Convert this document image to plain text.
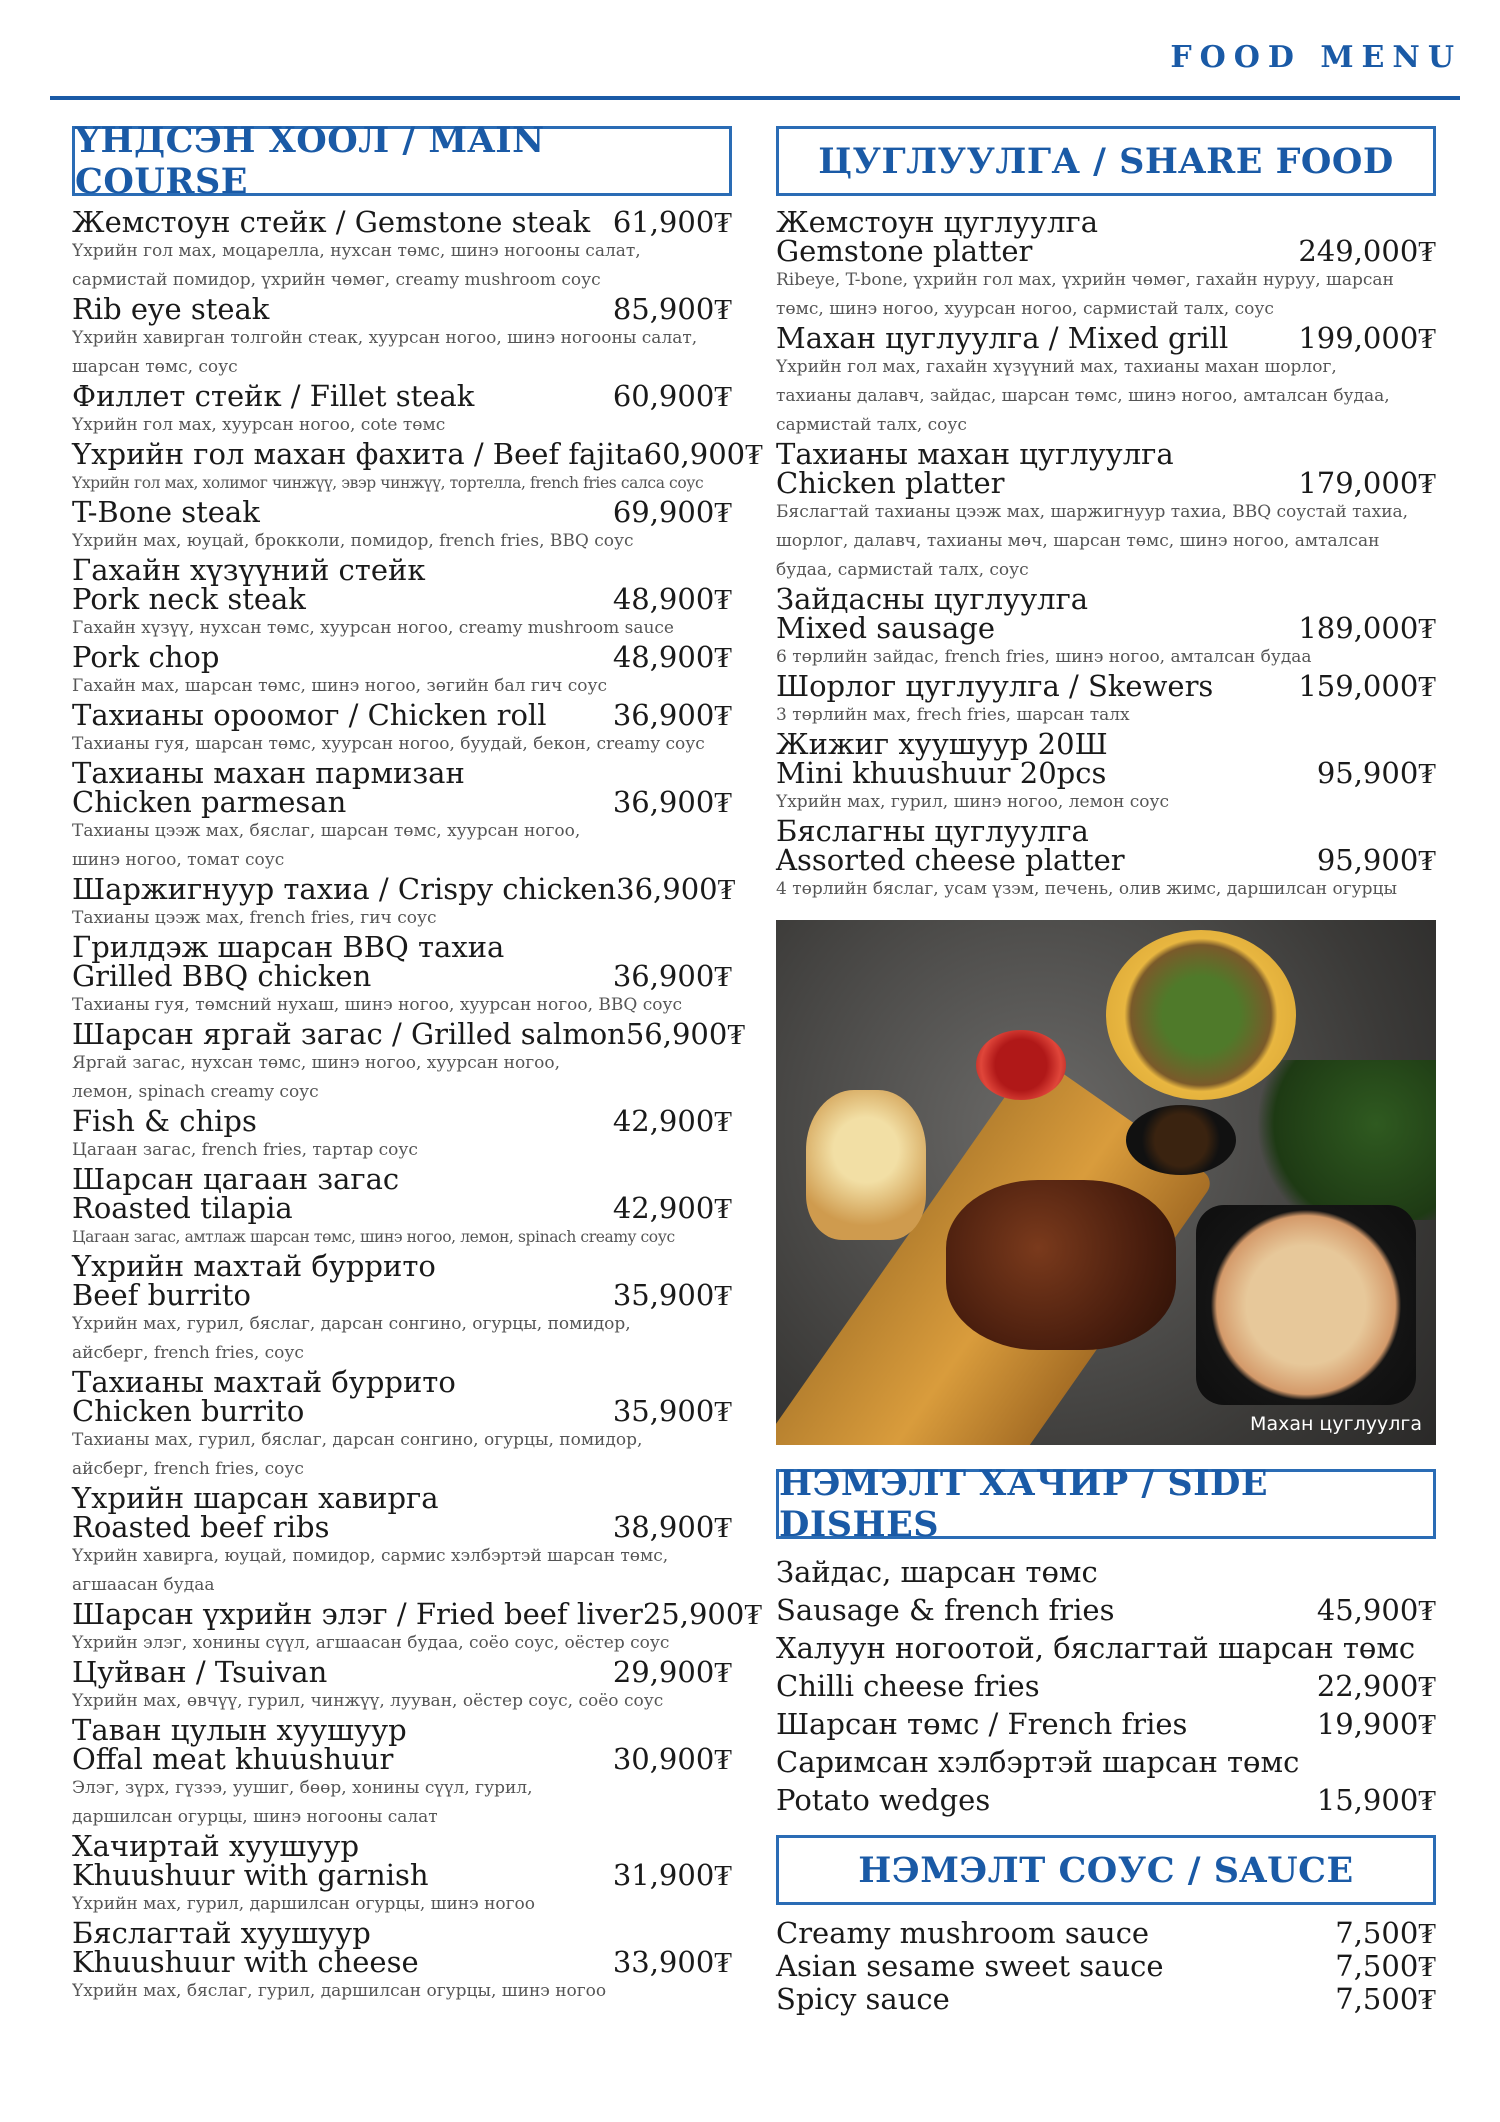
FOOD MENU
ҮНДСЭН ХООЛ / MAIN COURSE
Жемстоун стейк / Gemstone steak 61,900₮
Үхрийн гол мах, моцарелла, нухсан төмс, шинэ ногооны салат,
сармистай помидор, үхрийн чөмөг, creamy mushroom соус
Rib eye steak	85,900₮
Үхрийн хавирган толгойн стеак, хуурсан ногоо, шинэ ногооны салат,
шарсан төмс, соус
Филлет стейк / Fillet steak	60,900₮
Үхрийн гол мах, хуурсан ногоо, cote төмс
Үхрийн гол махан фахита / Beef fajita 60,900₮
Үхрийн гол мах, холимог чинжүү, эвэр чинжүү, тортелла, french fries салса соус
T-Bone steak	69,900₮
Үхрийн мах, юуцай, брокколи, помидор, french fries, BBQ соус
Гахайн хүзүүний стейк
Pork neck steak	48,900₮
Гахайн хүзүү, нухсан төмс, хуурсан ногоо, creamy mushroom sauce
Pork chop	48,900₮
Гахайн мах, шарсан төмс, шинэ ногоо, зөгийн бал гич соус
Тахианы ороомог / Chicken roll 36,900₮
Тахианы гуя, шарсан төмс, хуурсан ногоо, буудай, бекон, creamy соус
Тахианы махан пармизан
Chicken parmesan	36,900₮
Тахианы цээж мах, бяслаг, шарсан төмс, хуурсан ногоо,
шинэ ногоо, томат соус
Шаржигнуур тахиа / Crispy chicken 36,900₮
Тахианы цээж мах, french fries, гич соус
Грилдэж шарсан BBQ тахиа
Grilled BBQ chicken	36,900₮
Тахианы гуя, төмсний нухаш, шинэ ногоо, хуурсан ногоо, BBQ соус
Шарсан яргай загас / Grilled salmon 56,900₮
Яргай загас, нухсан төмс, шинэ ногоо, хуурсан ногоо,
лемон, spinach creamy соус
Fish & chips	42,900₮
Цагаан загас, french fries, тартар соус
Шарсан цагаан загас
Roasted tilapia	42,900₮
Цагаан загас, амтлаж шарсан төмс, шинэ ногоо, лемон, spinach creamy соус
Үхрийн махтай буррито
Beef burrito	35,900₮
Үхрийн мах, гурил, бяслаг, дарсан сонгино, огурцы, помидор,
айсберг, french fries, соус
Тахианы махтай буррито
Chicken burrito	35,900₮
Тахианы мах, гурил, бяслаг, дарсан сонгино, огурцы, помидор,
айсберг, french fries, соус
Үхрийн шарсан хавирга
Roasted beef ribs	38,900₮
Үхрийн хавирга, юуцай, помидор, сармис хэлбэртэй шарсан төмс,
агшаасан будаа
Шарсан үхрийн элэг / Fried beef liver 25,900₮
Үхрийн элэг, хонины сүүл, агшаасан будаа, соёо соус, оёстер соус
Цуйван / Tsuivan	29,900₮
Үхрийн мах, өвчүү, гурил, чинжүү, лууван, оёстер соус, соёо соус
Таван цулын хуушуур
Offal meat khuushuur	30,900₮
Элэг, зүрх, гүзээ, уушиг, бөөр, хонины сүүл, гурил,
даршилсан огурцы, шинэ ногооны салат
Хачиртай хуушуур
Khuushuur with garnish	31,900₮
Үхрийн мах, гурил, даршилсан огурцы, шинэ ногоо
Бяслагтай хуушуур
Khuushuur with cheese	33,900₮
Үхрийн мах, бяслаг, гурил, даршилсан огурцы, шинэ ногоо
ЦУГЛУУЛГА / SHARE FOOD
Жемстоун цуглуулга
Gemstone platter	249,000₮
Ribeye, T-bone, үхрийн гол мах, үхрийн чөмөг, гахайн нуруу, шарсан
төмс, шинэ ногоо, хуурсан ногоо, сармистай талх, соус
Махан цуглуулга / Mixed grill 199,000₮
Үхрийн гол мах, гахайн хүзүүний мах, тахианы махан шорлог,
тахианы далавч, зайдас, шарсан төмс, шинэ ногоо, амталсан будаа,
сармистай талх, соус
Тахианы махан цуглуулга
Chicken platter	179,000₮
Бяслагтай тахианы цээж мах, шаржигнуур тахиа, BBQ соустай тахиа,
шорлог, далавч, тахианы мөч, шарсан төмс, шинэ ногоо, амталсан
будаа, сармистай талх, соус
Зайдасны цуглуулга
Mixed sausage	189,000₮
6 төрлийн зайдас, french fries, шинэ ногоо, амталсан будаа
Шорлог цуглуулга / Skewers	159,000₮
3 төрлийн мах, frech fries, шарсан талх
Жижиг хуушуур 20Ш
Mini khuushuur 20pcs	95,900₮
Үхрийн мах, гурил, шинэ ногоо, лемон соус
Бяслагны цуглуулга
Assorted cheese platter	95,900₮
4 төрлийн бяслаг, усам үзэм, печень, олив жимс, даршилсан огурцы
Махан цуглуулга
НЭМЭЛТ ХАЧИР / SIDE DISHES
Зайдас, шарсан төмс
Sausage & french fries	45,900₮
Халуун ногоотой, бяслагтай шарсан төмс
Chilli cheese fries	22,900₮
Шарсан төмс / French fries	19,900₮
Саримсан хэлбэртэй шарсан төмс
Potato wedges	15,900₮
НЭМЭЛТ СОУС / SAUCE
Creamy mushroom sauce	7,500₮
Asian sesame sweet sauce	7,500₮
Spicy sauce	7,500₮
